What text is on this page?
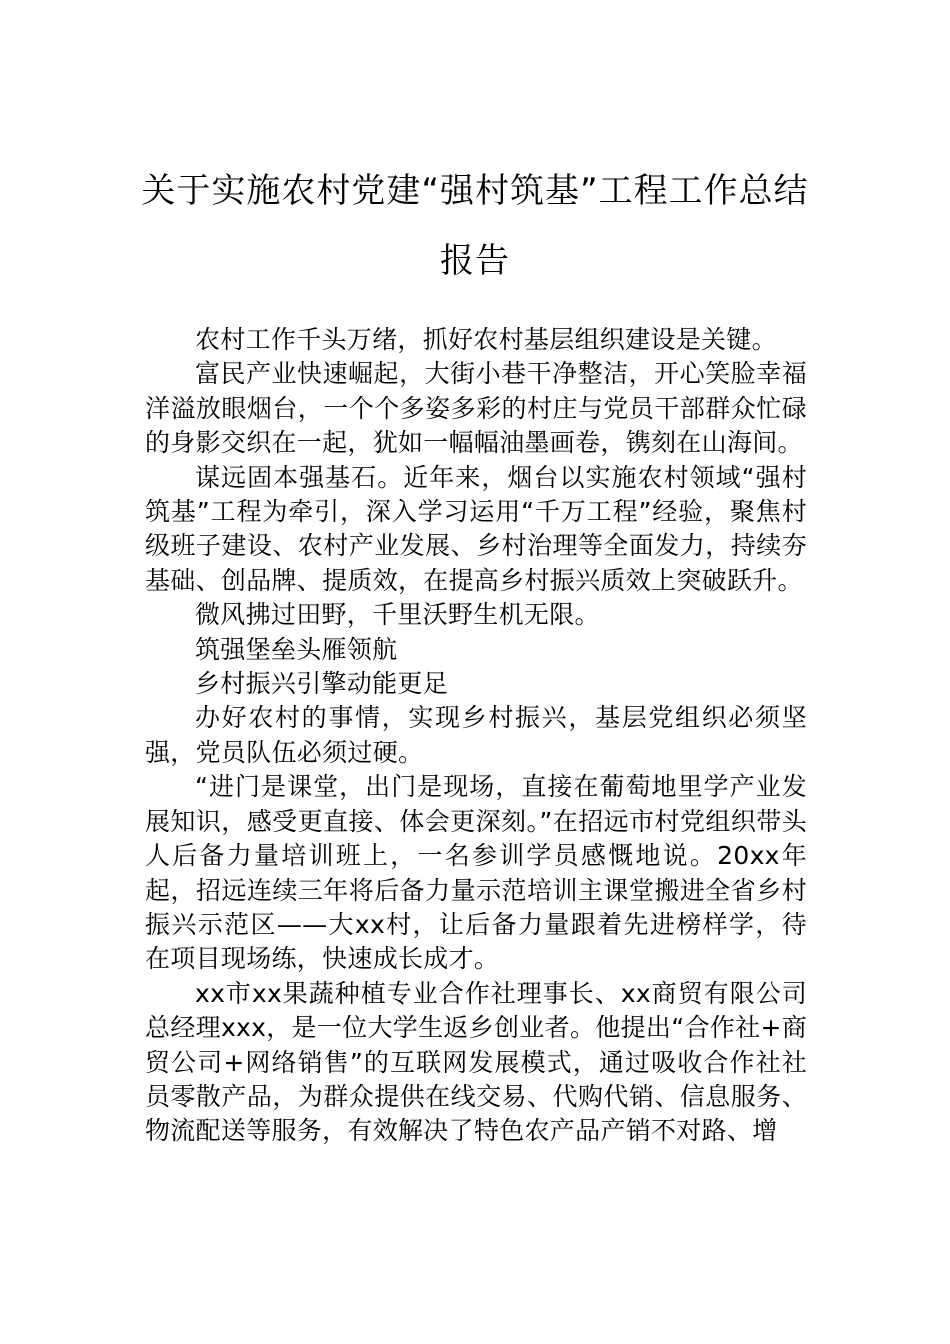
关于实施农村党建“强村筑基”工程工作总结
报告

农村工作千头万绪，抓好农村基层组织建设是关键。

富民产业快速崛起，大街小巷干净整洁，开心笑脸幸福洋溢放眼烟台，一个个多姿多彩的村庄与党员干部群众忙碌的身影交织在一起，犹如一幅幅油墨画卷，镌刻在山海间。

谋远固本强基石。近年来，烟台以实施农村领域“强村筑基”工程为牵引，深入学习运用“千万工程”经验，聚焦村级班子建设、农村产业发展、乡村治理等全面发力，持续夯基础、创品牌、提质效，在提高乡村振兴质效上突破跃升。

微风拂过田野，千里沃野生机无限。

筑强堡垒头雁领航

乡村振兴引擎动能更足

办好农村的事情，实现乡村振兴，基层党组织必须坚强，党员队伍必须过硬。

“进门是课堂，出门是现场，直接在葡萄地里学产业发展知识，感受更直接、体会更深刻。”在招远市村党组织带头人后备力量培训班上，一名参训学员感慨地说。20xx年起，招远连续三年将后备力量示范培训主课堂搬进全省乡村振兴示范区——大xx村，让后备力量跟着先进榜样学，待在项目现场练，快速成长成才。

xx市xx果蔬种植专业合作社理事长、xx商贸有限公司总经理xxx，是一位大学生返乡创业者。他提出“合作社+商贸公司+网络销售”的互联网发展模式，通过吸收合作社社员零散产品，为群众提供在线交易、代购代销、信息服务、物流配送等服务，有效解决了特色农产品产销不对路、增
